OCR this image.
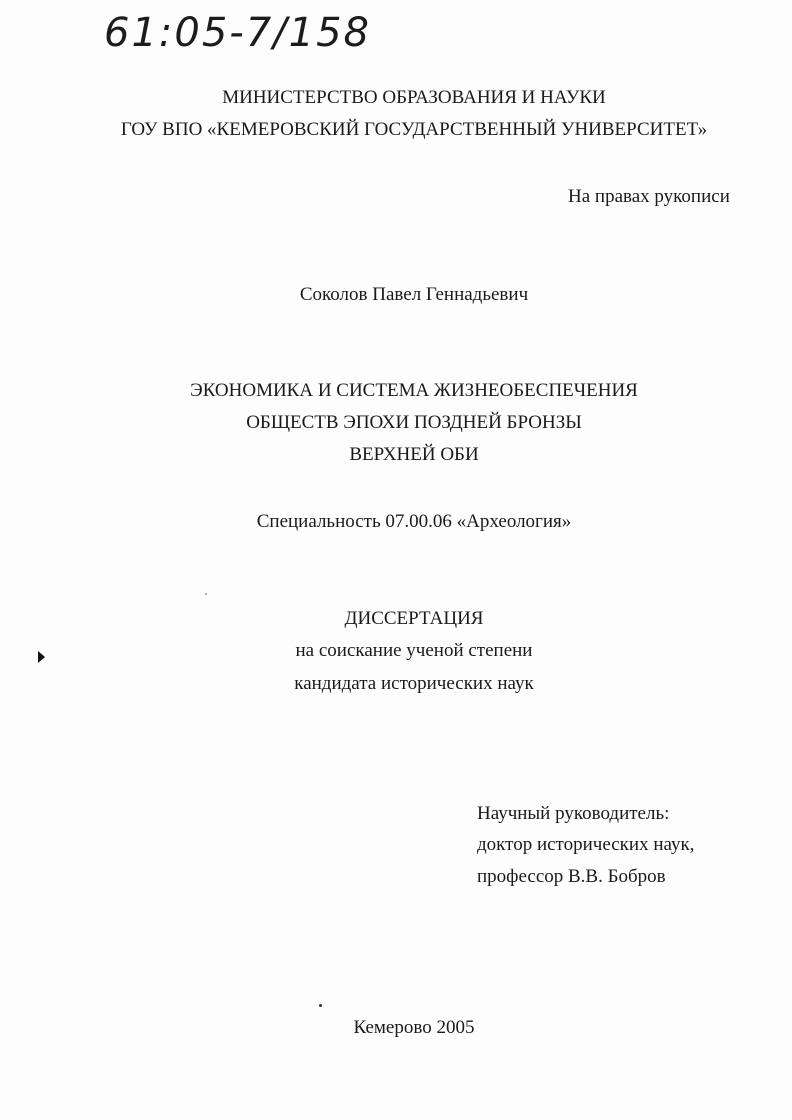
61:05-7/158
МИНИСТЕРСТВО ОБРАЗОВАНИЯ И НАУКИ
ГОУ ВПО «КЕМЕРОВСКИЙ ГОСУДАРСТВЕННЫЙ УНИВЕРСИТЕТ»
На правах рукописи
Соколов Павел Геннадьевич
ЭКОНОМИКА И СИСТЕМА ЖИЗНЕОБЕСПЕЧЕНИЯ
ОБЩЕСТВ ЭПОХИ ПОЗДНЕЙ БРОНЗЫ
ВЕРХНЕЙ ОБИ
Специальность 07.00.06 «Археология»
ДИССЕРТАЦИЯ
на соискание ученой степени
кандидата исторических наук
Научный руководитель:
доктор исторических наук,
профессор В.В. Бобров
Кемерово 2005
